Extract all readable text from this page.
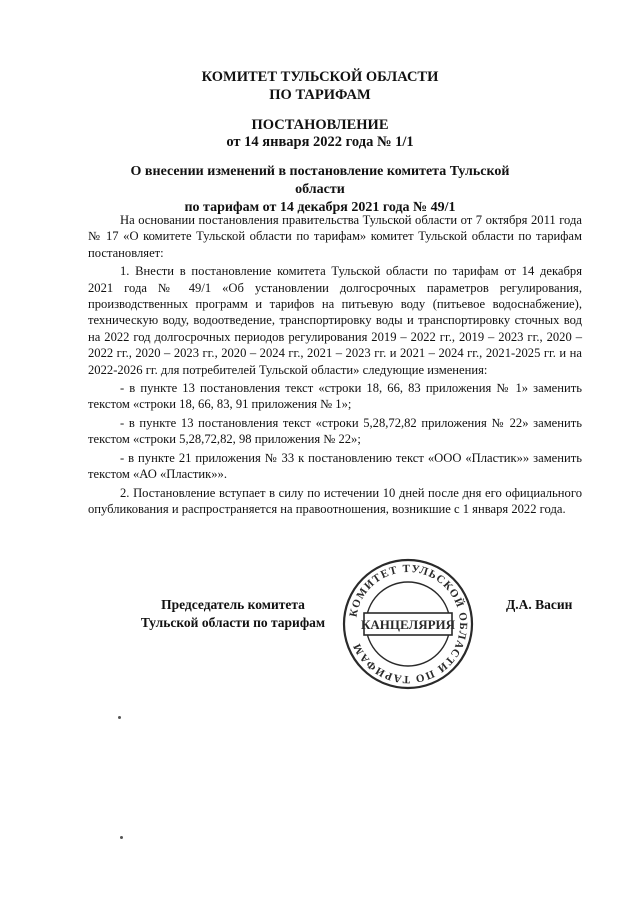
КОМИТЕТ ТУЛЬСКОЙ ОБЛАСТИ
ПО ТАРИФАМ
ПОСТАНОВЛЕНИЕ
от 14 января 2022 года № 1/1
О внесении изменений в постановление комитета Тульской области
по тарифам от 14 декабря 2021 года № 49/1

На основании постановления правительства Тульской области от 7 октября 2011 года № 17 «О комитете Тульской области по тарифам» комитет Тульской области по тарифам постановляет:

1. Внести в постановление комитета Тульской области по тарифам от 14 декабря 2021 года № 49/1 «Об установлении долгосрочных параметров регулирования, производственных программ и тарифов на питьевую воду (питьевое водоснабжение), техническую воду, водоотведение, транспортировку воды и транспортировку сточных вод на 2022 год долгосрочных периодов регулирования 2019 – 2022 гг., 2019 – 2023 гг., 2020 – 2022 гг., 2020 – 2023 гг., 2020 – 2024 гг., 2021 – 2023 гг. и 2021 – 2024 гг., 2021-2025 гг. и на 2022-2026 гг. для потребителей Тульской области» следующие изменения:

- в пункте 13 постановления текст «строки 18, 66, 83 приложения № 1» заменить текстом «строки 18, 66, 83, 91 приложения № 1»;

- в пункте 13 постановления текст «строки 5,28,72,82 приложения № 22» заменить текстом «строки 5,28,72,82, 98 приложения № 22»;

- в пункте 21 приложения № 33 к постановлению текст «ООО «Пластик»» заменить текстом «АО «Пластик»».

2. Постановление вступает в силу по истечении 10 дней после дня его официального опубликования и распространяется на правоотношения, возникшие с 1 января 2022 года.

Председатель комитета
Тульской области по тарифам
КОМИТЕТ ТУЛЬСКОЙ ОБЛАСТИ ПО ТАРИФАМ
КАНЦЕЛЯРИЯ
Д.А. Васин
